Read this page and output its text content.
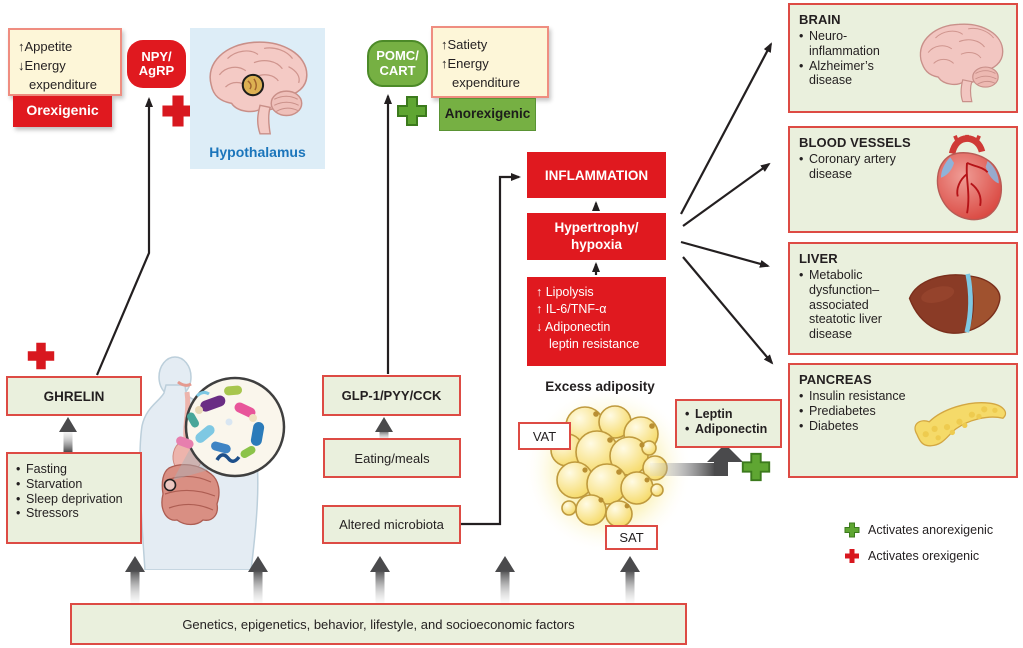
↑Appetite
↓Energy
expenditure
Orexigenic
NPY/
AgRP
Hypothalamus
POMC/
CART
↑Satiety
↑Energy
expenditure
Anorexigenic
INFLAMMATION
Hypertrophy/
hypoxia
↑ Lipolysis
↑ IL-6/TNF-α
↓ Adiponectin
leptin resistance
GHRELIN
• Fasting
• Starvation
• Sleep deprivation
• Stressors
GLP-1/PYY/CCK
Eating/meals
Altered microbiota
Excess adiposity
VAT
SAT
• Leptin
• Adiponectin
BRAIN
• Neuro-inflammation
• Alzheimer’s disease
BLOOD VESSELS
• Coronary artery disease
LIVER
• Metabolic dysfunction–associated steatotic liver disease
PANCREAS
• Insulin resistance
• Prediabetes
• Diabetes
Activates anorexigenic
Activates orexigenic
Genetics, epigenetics, behavior, lifestyle, and socioeconomic factors
